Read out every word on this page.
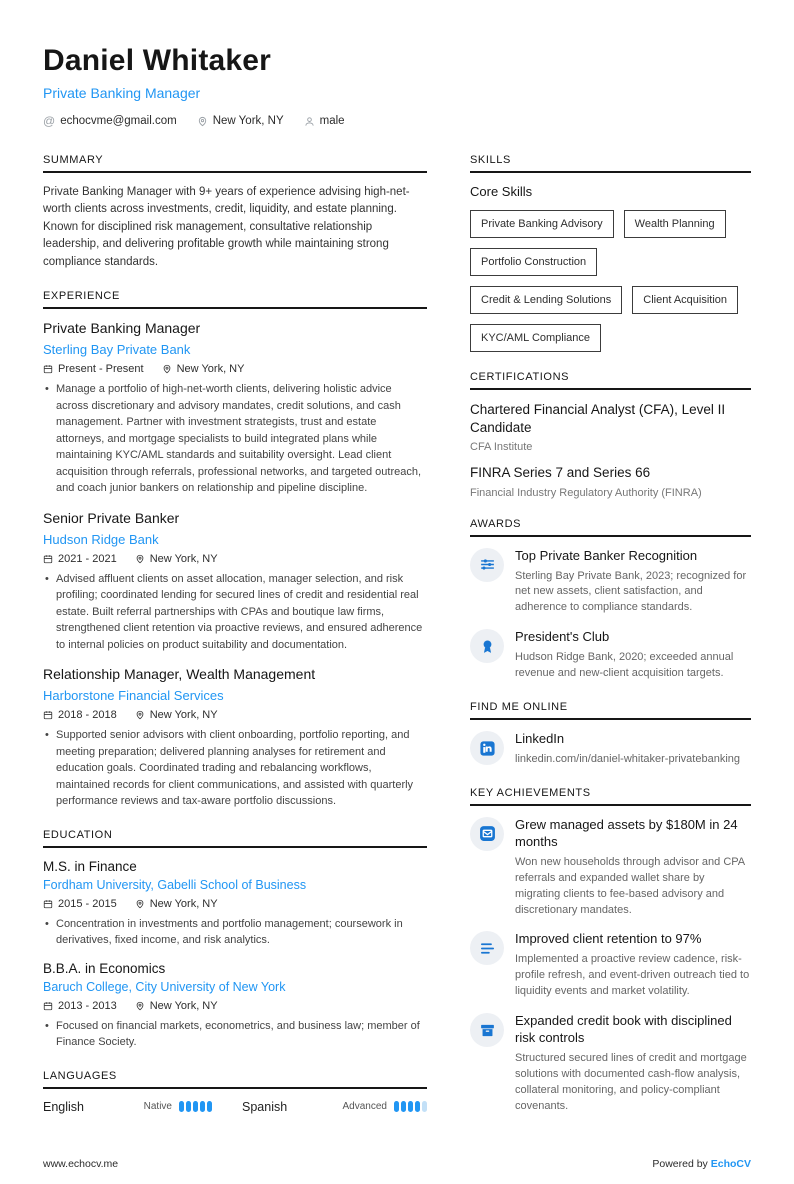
Daniel Whitaker
Private Banking Manager
@ echocvme@gmail.com	New York, NY	male
SUMMARY
Private Banking Manager with 9+ years of experience advising high-net-worth clients across investments, credit, liquidity, and estate planning. Known for disciplined risk management, consultative relationship leadership, and delivering profitable growth while maintaining strong compliance standards.
EXPERIENCE
Private Banking Manager
Sterling Bay Private Bank
Present - Present	New York, NY
• Manage a portfolio of high-net-worth clients, delivering holistic advice across discretionary and advisory mandates, credit solutions, and cash management. Partner with investment strategists, trust and estate attorneys, and mortgage specialists to build integrated plans while maintaining KYC/AML standards and suitability oversight. Lead client acquisition through referrals, professional networks, and targeted outreach, and coach junior bankers on relationship and pipeline discipline.
Senior Private Banker
Hudson Ridge Bank
2021 - 2021	New York, NY
• Advised affluent clients on asset allocation, manager selection, and risk profiling; coordinated lending for secured lines of credit and residential real estate. Built referral partnerships with CPAs and boutique law firms, strengthened client retention via proactive reviews, and ensured adherence to internal policies on product suitability and documentation.
Relationship Manager, Wealth Management
Harborstone Financial Services
2018 - 2018	New York, NY
• Supported senior advisors with client onboarding, portfolio reporting, and meeting preparation; delivered planning analyses for retirement and education goals. Coordinated trading and rebalancing workflows, maintained records for client communications, and assisted with quarterly performance reviews and tax-aware portfolio discussions.
EDUCATION
M.S. in Finance
Fordham University, Gabelli School of Business
2015 - 2015	New York, NY
• Concentration in investments and portfolio management; coursework in derivatives, fixed income, and risk analytics.
B.B.A. in Economics
Baruch College, City University of New York
2013 - 2013	New York, NY
• Focused on financial markets, econometrics, and business law; member of Finance Society.
LANGUAGES
English	Native	Spanish	Advanced
SKILLS
Core Skills
Private Banking Advisory	Wealth Planning
Portfolio Construction
Credit & Lending Solutions	Client Acquisition
KYC/AML Compliance
CERTIFICATIONS
Chartered Financial Analyst (CFA), Level II Candidate
CFA Institute
FINRA Series 7 and Series 66
Financial Industry Regulatory Authority (FINRA)
AWARDS
Top Private Banker Recognition
Sterling Bay Private Bank, 2023; recognized for net new assets, client satisfaction, and adherence to compliance standards.
President's Club
Hudson Ridge Bank, 2020; exceeded annual revenue and new-client acquisition targets.
FIND ME ONLINE
LinkedIn
linkedin.com/in/daniel-whitaker-privatebanking
KEY ACHIEVEMENTS
Grew managed assets by $180M in 24 months
Won new households through advisor and CPA referrals and expanded wallet share by migrating clients to fee-based advisory and discretionary mandates.
Improved client retention to 97%
Implemented a proactive review cadence, risk-profile refresh, and event-driven outreach tied to liquidity events and market volatility.
Expanded credit book with disciplined risk controls
Structured secured lines of credit and mortgage solutions with documented cash-flow analysis, collateral monitoring, and policy-compliant covenants.
www.echocv.me	Powered by EchoCV
